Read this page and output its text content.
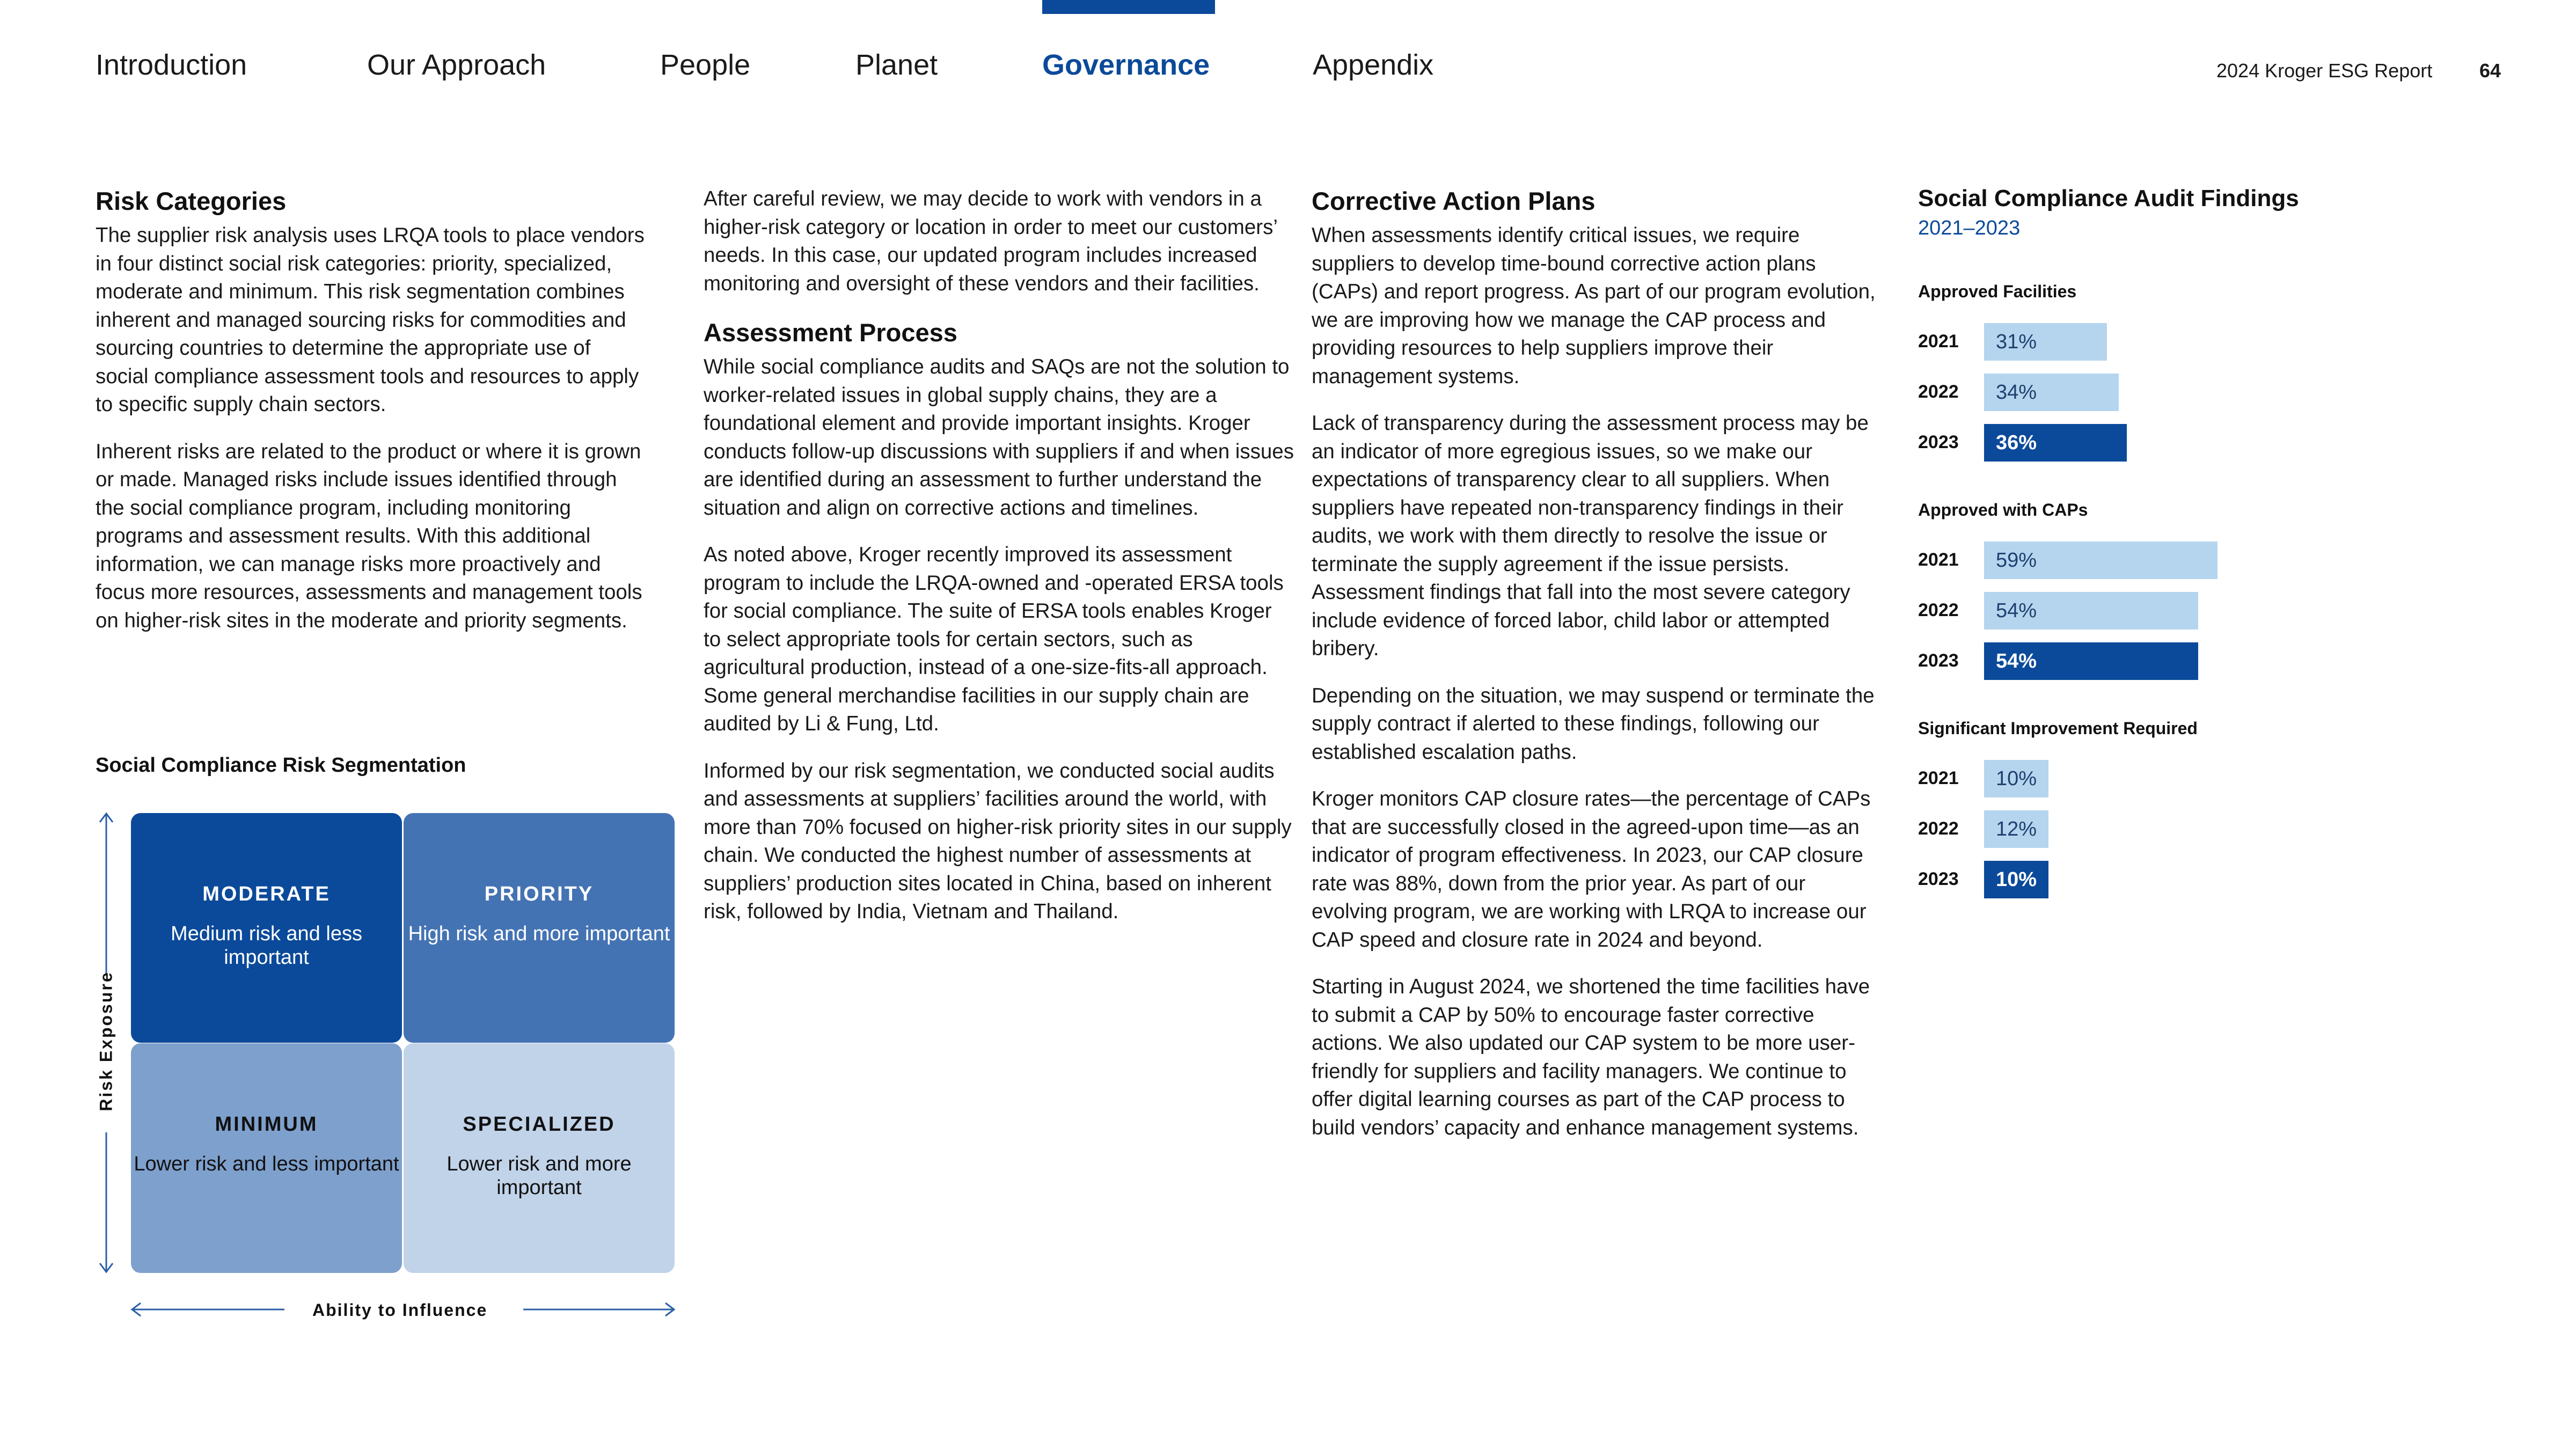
Introduction	Our Approach	People	Planet	Governance	Appendix	2024 Kroger ESG Report 64
Risk Categories

The supplier risk analysis uses LRQA tools to place vendors in four distinct social risk categories: priority, specialized, moderate and minimum. This risk segmentation combines inherent and managed sourcing risks for commodities and sourcing countries to determine the appropriate use of social compliance assessment tools and resources to apply to specific supply chain sectors.

Inherent risks are related to the product or where it is grown or made. Managed risks include issues identified through the social compliance program, including monitoring programs and assessment results. With this additional information, we can manage risks more proactively and focus more resources, assessments and management tools on higher-risk sites in the moderate and priority segments.

Social Compliance Risk Segmentation
Risk Exposure
Ability to Influence
MODERATE
Medium risk and less important
PRIORITY
High risk and more important
MINIMUM
Lower risk and less important
SPECIALIZED
Lower risk and more important

After careful review, we may decide to work with vendors in a higher-risk category or location in order to meet our customers’ needs. In this case, our updated program includes increased monitoring and oversight of these vendors and their facilities.

Assessment Process

While social compliance audits and SAQs are not the solution to worker-related issues in global supply chains, they are a foundational element and provide important insights. Kroger conducts follow-up discussions with suppliers if and when issues are identified during an assessment to further understand the situation and align on corrective actions and timelines.

As noted above, Kroger recently improved its assessment program to include the LRQA-owned and -operated ERSA tools for social compliance. The suite of ERSA tools enables Kroger to select appropriate tools for certain sectors, such as agricultural production, instead of a one-size-fits-all approach. Some general merchandise facilities in our supply chain are audited by Li & Fung, Ltd.

Informed by our risk segmentation, we conducted social audits and assessments at suppliers’ facilities around the world, with more than 70% focused on higher-risk priority sites in our supply chain. We conducted the highest number of assessments at suppliers’ production sites located in China, based on inherent risk, followed by India, Vietnam and Thailand.

Corrective Action Plans

When assessments identify critical issues, we require suppliers to develop time-bound corrective action plans (CAPs) and report progress. As part of our program evolution, we are improving how we manage the CAP process and providing resources to help suppliers improve their management systems.

Lack of transparency during the assessment process may be an indicator of more egregious issues, so we make our expectations of transparency clear to all suppliers. When suppliers have repeated non-transparency findings in their audits, we work with them directly to resolve the issue or terminate the supply agreement if the issue persists. Assessment findings that fall into the most severe category include evidence of forced labor, child labor or attempted bribery.

Depending on the situation, we may suspend or terminate the supply contract if alerted to these findings, following our established escalation paths.

Kroger monitors CAP closure rates—the percentage of CAPs that are successfully closed in the agreed-upon time—as an indicator of program effectiveness. In 2023, our CAP closure rate was 88%, down from the prior year. As part of our evolving program, we are working with LRQA to increase our CAP speed and closure rate in 2024 and beyond.

Starting in August 2024, we shortened the time facilities have to submit a CAP by 50% to encourage faster corrective actions. We also updated our CAP system to be more user-friendly for suppliers and facility managers. We continue to offer digital learning courses as part of the CAP process to build vendors’ capacity and enhance management systems.

Social Compliance Audit Findings
2021–2023
Approved Facilities
2021	31%
2022	34%
2023	36%
Approved with CAPs
2021	59%
2022	54%
2023	54%
Significant Improvement Required
2021	10%
2022	12%
2023	10%
